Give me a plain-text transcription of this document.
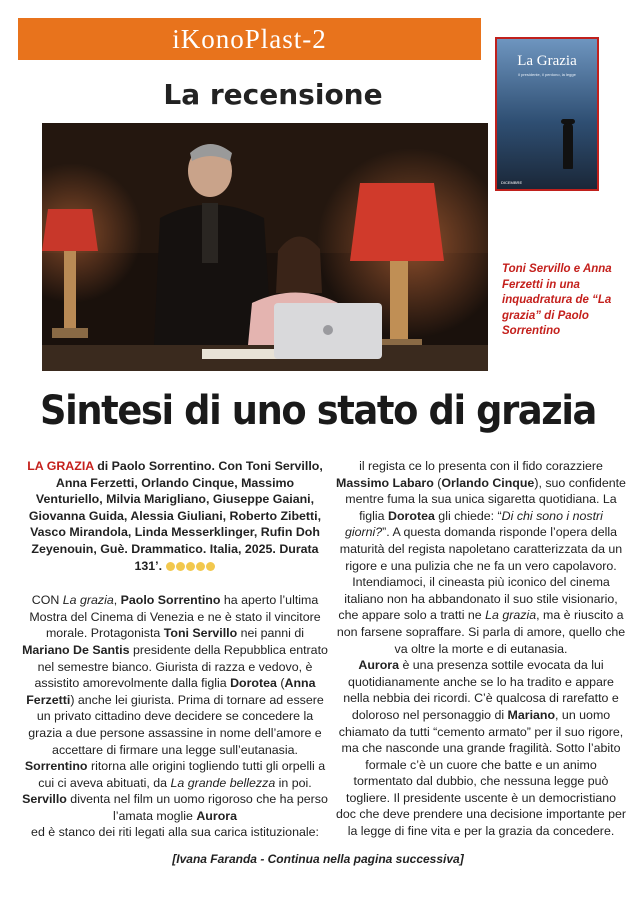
iKonoPlast-2
La recensione
La Grazia
il presidente, il perdono, la legge
DICEMBRE
Toni Servillo e Anna Ferzetti in una inquadratura de “La grazia” di Paolo Sorrentino
Sintesi di uno stato di grazia

LA GRAZIA di Paolo Sorrentino. Con Toni Servillo, Anna Ferzetti, Orlando Cinque, Massimo Venturiello, Milvia Marigliano, Giuseppe Gaiani, Giovanna Guida, Alessia Giuliani, Roberto Zibetti, Vasco Mirandola, Linda Messerklinger, Rufin Doh Zeyenouin, Guè. Drammatico. Italia, 2025. Durata 131’.

CON La grazia, Paolo Sorrentino ha aperto l’ultima Mostra del Cinema di Venezia e ne è stato il vincitore morale. Protagonista Toni Servillo nei panni di Mariano De Santis presidente della Repubblica entrato nel semestre bianco. Giurista di razza e vedovo, è assistito amorevolmente dalla figlia Dorotea (Anna Ferzetti) anche lei giurista. Prima di tornare ad essere un privato cittadino deve decidere se concedere la grazia a due persone assassine in nome dell’amore e accettare di firmare una legge sull’eutanasia.

Sorrentino ritorna alle origini togliendo tutti gli orpelli a cui ci aveva abituati, da La grande bellezza in poi. Servillo diventa nel film un uomo rigoroso che ha perso l’amata moglie Aurora
ed è stanco dei riti legati alla sua carica istituzionale:

il regista ce lo presenta con il fido corazziere Massimo Labaro (Orlando Cinque), suo confidente mentre fuma la sua unica sigaretta quotidiana. La figlia Dorotea gli chiede: “Di chi sono i nostri giorni?”. A questa domanda risponde l’opera della maturità del regista napoletano caratterizzata da un rigore e una pulizia che ne fa un vero capolavoro. Intendiamoci, il cineasta più iconico del cinema italiano non ha abbandonato il suo stile visionario, che appare solo a tratti ne La grazia, ma è riuscito a non farsene sopraffare. Si parla di amore, quello che va oltre la morte e di eutanasia.

Aurora è una presenza sottile evocata da lui quotidianamente anche se lo ha tradito e appare nella nebbia dei ricordi. C’è qualcosa di rarefatto e doloroso nel personaggio di Mariano, un uomo chiamato da tutti “cemento armato” per il suo rigore, ma che nasconde una grande fragilità. Sotto l’abito formale c’è un cuore che batte e un animo tormentato dal dubbio, che nessuna legge può togliere. Il presidente uscente è un democristiano doc che deve prendere una decisione importante per la legge di fine vita e per la grazia da concedere.

[Ivana Faranda - Continua nella pagina successiva]
